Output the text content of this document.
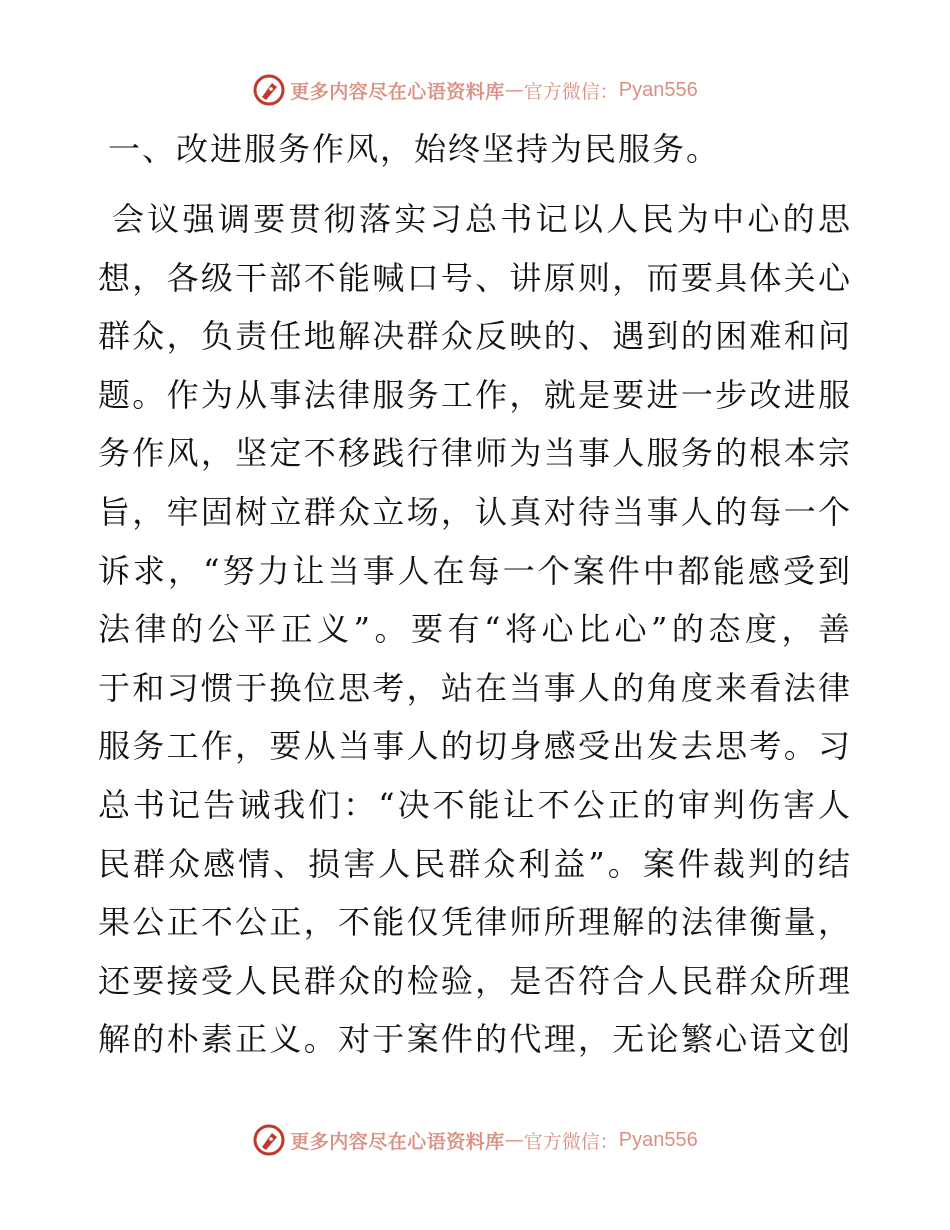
更多内容尽在心语资料库 — 官方微信： Pyan556
一、改进服务作风，始终坚持为民服务。
会议强调要贯彻落实习总书记以人民为中心的思
想，各级干部不能喊口号、讲原则，而要具体关心
群众，负责任地解决群众反映的、遇到的困难和问
题。作为从事法律服务工作，就是要进一步改进服
务作风，坚定不移践行律师为当事人服务的根本宗
旨，牢固树立群众立场，认真对待当事人的每一个
诉求，“努力让当事人在每一个案件中都能感受到
法律的公平正义”。要有“将心比心”的态度，善
于和习惯于换位思考，站在当事人的角度来看法律
服务工作，要从当事人的切身感受出发去思考。习
总书记告诫我们：“决不能让不公正的审判伤害人
民群众感情、损害人民群众利益”。案件裁判的结
果公正不公正，不能仅凭律师所理解的法律衡量，
还要接受人民群众的检验，是否符合人民群众所理
解的朴素正义。对于案件的代理，无论繁心语文创
更多内容尽在心语资料库 — 官方微信： Pyan556
